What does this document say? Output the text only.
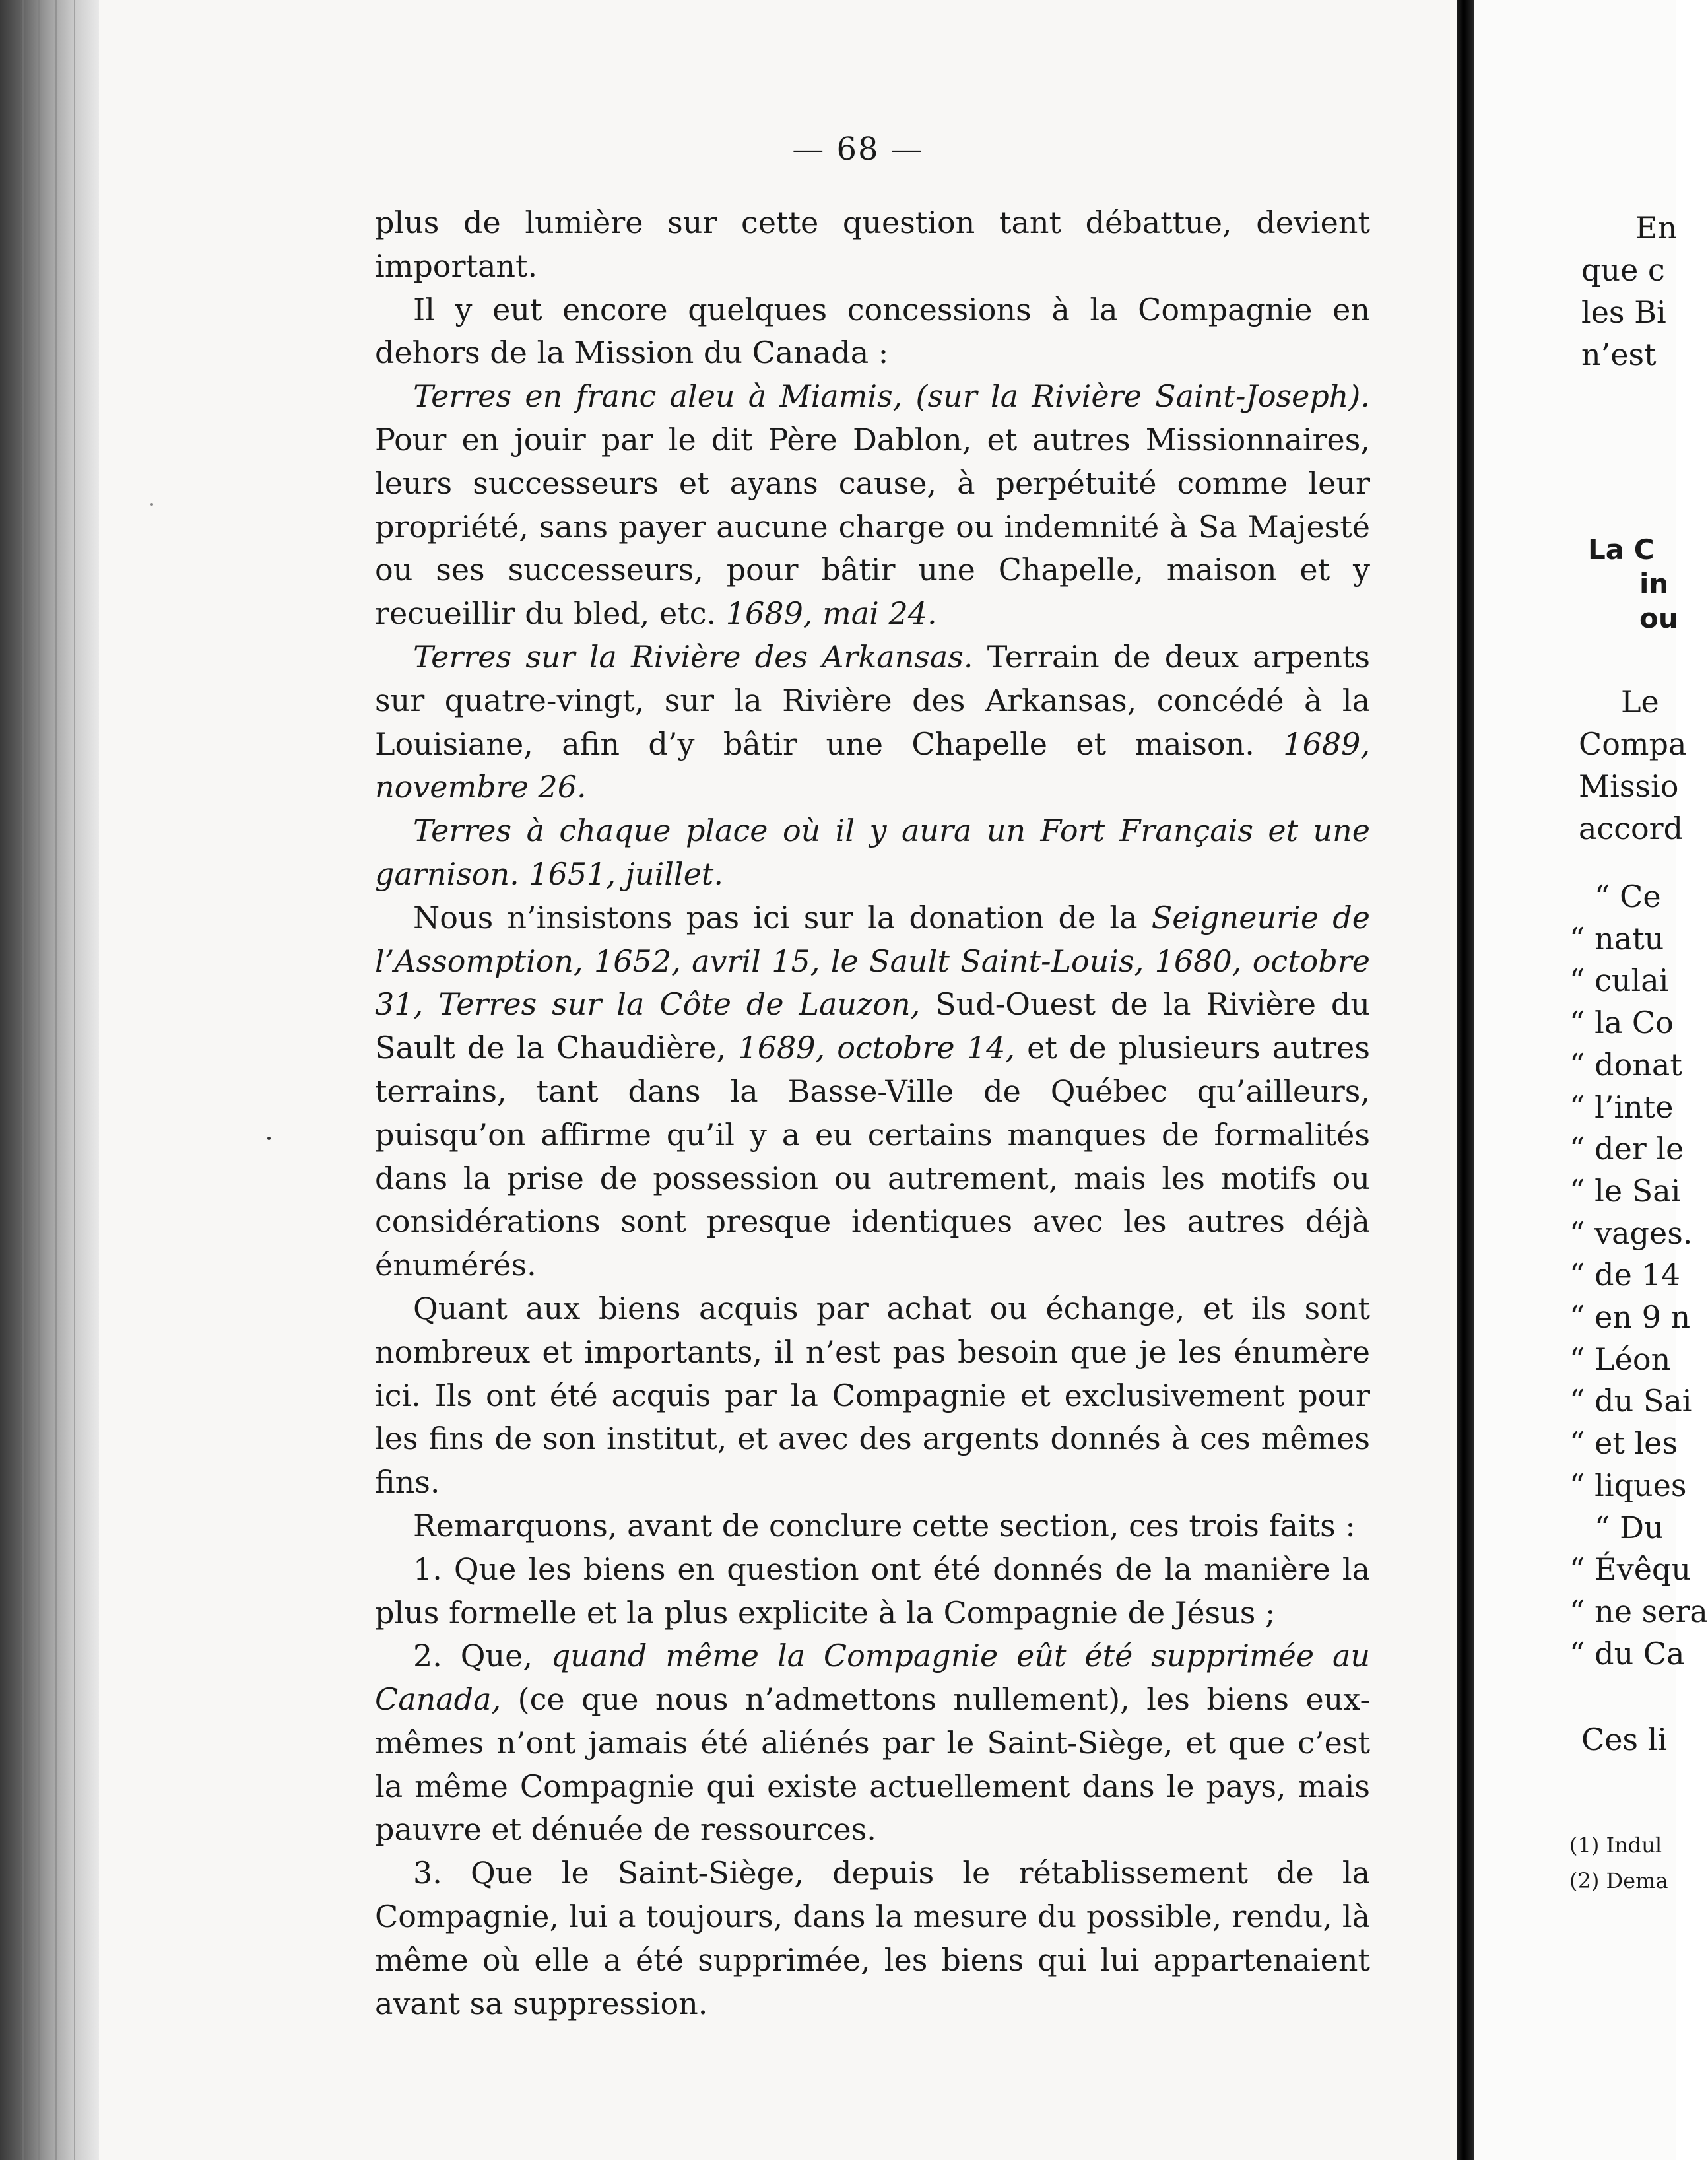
— 68 —

plus de lumière sur cette question tant débattue, devient important.

Il y eut encore quelques concessions à la Compagnie en dehors de la Mission du Canada :

Terres en franc aleu à Miamis, (sur la Rivière Saint-Joseph). Pour en jouir par le dit Père Dablon, et autres Missionnaires, leurs successeurs et ayans cause, à perpétuité comme leur propriété, sans payer aucune charge ou indemnité à Sa Majesté ou ses successeurs, pour bâtir une Chapelle, maison et y recueillir du bled, etc. 1689, mai 24.

Terres sur la Rivière des Arkansas. Terrain de deux arpents sur quatre-vingt, sur la Rivière des Arkansas, concédé à la Louisiane, afin d’y bâtir une Chapelle et maison. 1689, novembre 26.

Terres à chaque place où il y aura un Fort Français et une garnison. 1651, juillet.

Nous n’insistons pas ici sur la donation de la Seigneurie de l’Assomption, 1652, avril 15, le Sault Saint-Louis, 1680, octobre 31, Terres sur la Côte de Lauzon, Sud-Ouest de la Rivière du Sault de la Chaudière, 1689, octobre 14, et de plusieurs autres terrains, tant dans la Basse-Ville de Québec qu’ailleurs, puisqu’on affirme qu’il y a eu certains manques de formalités dans la prise de possession ou autrement, mais les motifs ou considérations sont presque identiques avec les autres déjà énumérés.

Quant aux biens acquis par achat ou échange, et ils sont nombreux et importants, il n’est pas besoin que je les énumère ici. Ils ont été acquis par la Compagnie et exclusivement pour les fins de son institut, et avec des argents donnés à ces mêmes fins.

Remarquons, avant de conclure cette section, ces trois faits :

1. Que les biens en question ont été donnés de la manière la plus formelle et la plus explicite à la Compagnie de Jésus ;

2. Que, quand même la Compagnie eût été supprimée au Canada, (ce que nous n’admettons nullement), les biens eux-mêmes n’ont jamais été aliénés par le Saint-Siège, et que c’est la même Compagnie qui existe actuellement dans le pays, mais pauvre et dénuée de ressources.

3. Que le Saint-Siège, depuis le rétablissement de la Compagnie, lui a toujours, dans la mesure du possible, rendu, là même où elle a été supprimée, les biens qui lui appartenaient avant sa suppression.

En
que c
les Bi
n’est
La C
in
ou
Le
Compa
Missio
accord
“ Ce
“ natu
“ culai
“ la Co
“ donat
“ l’inte
“ der le
“ le Sai
“ vages.
“ de 14
“ en 9 n
“ Léon
“ du Sai
“ et les
“ liques
“ Du
“ Évêqu
“ ne sera
“ du Ca
Ces li
(1) Indul
(2) Dema
